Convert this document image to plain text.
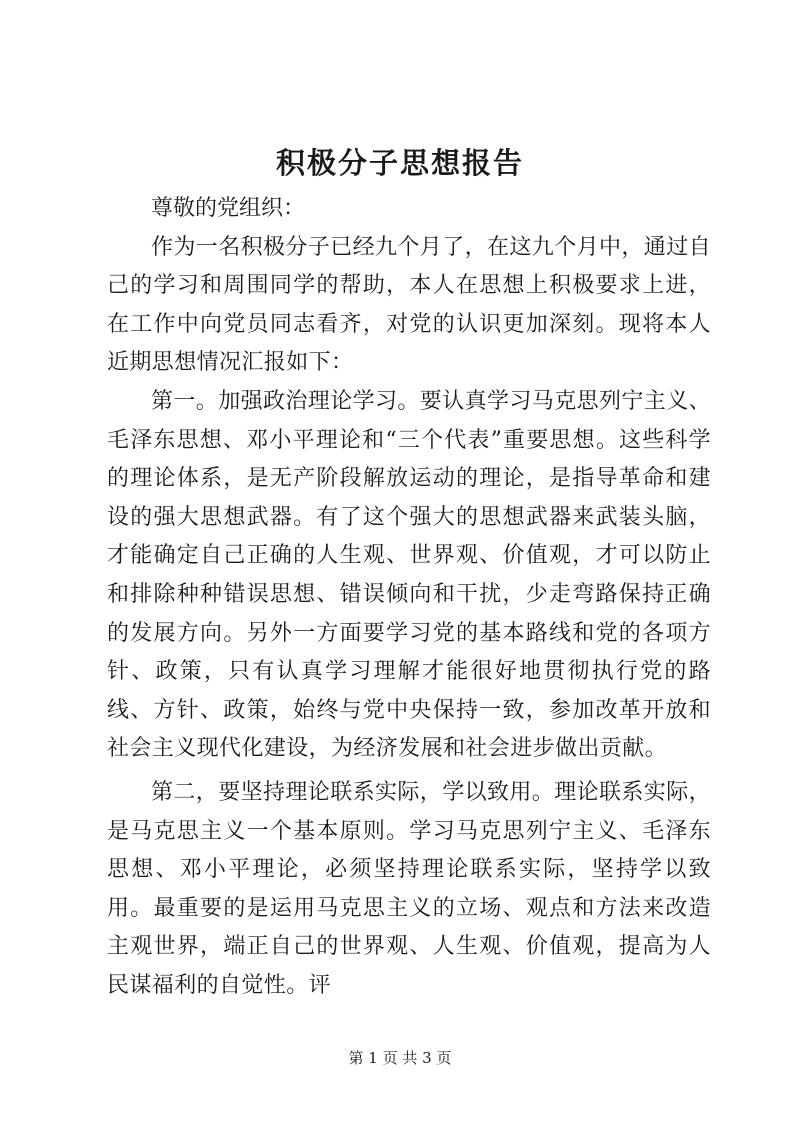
积极分子思想报告

尊敬的党组织：

作为一名积极分子已经九个月了，在这九个月中，通过自己的学习和周围同学的帮助，本人在思想上积极要求上进，在工作中向党员同志看齐，对党的认识更加深刻。现将本人近期思想情况汇报如下：

第一。加强政治理论学习。要认真学习马克思列宁主义、毛泽东思想、邓小平理论和“三个代表”重要思想。这些科学的理论体系，是无产阶段解放运动的理论，是指导革命和建设的强大思想武器。有了这个强大的思想武器来武装头脑，才能确定自己正确的人生观、世界观、价值观，才可以防止和排除种种错误思想、错误倾向和干扰，少走弯路保持正确的发展方向。另外一方面要学习党的基本路线和党的各项方针、政策，只有认真学习理解才能很好地贯彻执行党的路线、方针、政策，始终与党中央保持一致，参加改革开放和社会主义现代化建设，为经济发展和社会进步做出贡献。

第二，要坚持理论联系实际，学以致用。理论联系实际，是马克思主义一个基本原则。学习马克思列宁主义、毛泽东思想、邓小平理论，必须坚持理论联系实际，坚持学以致用。最重要的是运用马克思主义的立场、观点和方法来改造主观世界，端正自己的世界观、人生观、价值观，提高为人民谋福利的自觉性。评

第 1 页 共 3 页
